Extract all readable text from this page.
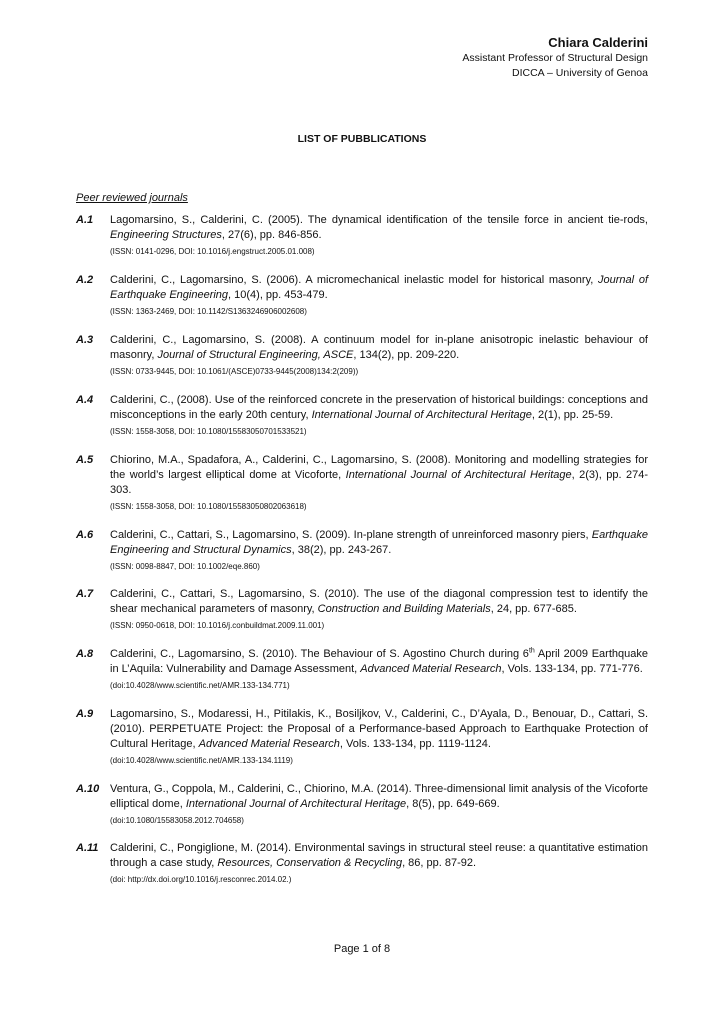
Chiara Calderini
Assistant Professor of Structural Design
DICCA – University of Genoa
LIST OF PUBBLICATIONS
Peer reviewed journals
A.1 Lagomarsino, S., Calderini, C. (2005). The dynamical identification of the tensile force in ancient tie-rods, Engineering Structures, 27(6), pp. 846-856.
(ISSN: 0141-0296, DOI: 10.1016/j.engstruct.2005.01.008)
A.2 Calderini, C., Lagomarsino, S. (2006). A micromechanical inelastic model for historical masonry, Journal of Earthquake Engineering, 10(4), pp. 453-479.
(ISSN: 1363-2469, DOI: 10.1142/S1363246906002608)
A.3 Calderini, C., Lagomarsino, S. (2008). A continuum model for in-plane anisotropic inelastic behaviour of masonry, Journal of Structural Engineering, ASCE, 134(2), pp. 209-220.
(ISSN: 0733-9445, DOI: 10.1061/(ASCE)0733-9445(2008)134:2(209))
A.4 Calderini, C., (2008). Use of the reinforced concrete in the preservation of historical buildings: conceptions and misconceptions in the early 20th century, International Journal of Architectural Heritage, 2(1), pp. 25-59.
(ISSN: 1558-3058, DOI: 10.1080/15583050701533521)
A.5 Chiorino, M.A., Spadafora, A., Calderini, C., Lagomarsino, S. (2008). Monitoring and modelling strategies for the world’s largest elliptical dome at Vicoforte, International Journal of Architectural Heritage, 2(3), pp. 274-303.
(ISSN: 1558-3058, DOI: 10.1080/15583050802063618)
A.6 Calderini, C., Cattari, S., Lagomarsino, S. (2009). In-plane strength of unreinforced masonry piers, Earthquake Engineering and Structural Dynamics, 38(2), pp. 243-267.
(ISSN: 0098-8847, DOI: 10.1002/eqe.860)
A.7 Calderini, C., Cattari, S., Lagomarsino, S. (2010). The use of the diagonal compression test to identify the shear mechanical parameters of masonry, Construction and Building Materials, 24, pp. 677-685.
(ISSN: 0950-0618, DOI: 10.1016/j.conbuildmat.2009.11.001)
A.8 Calderini, C., Lagomarsino, S. (2010). The Behaviour of S. Agostino Church during 6th April 2009 Earthquake in L’Aquila: Vulnerability and Damage Assessment, Advanced Material Research, Vols. 133-134, pp. 771-776.
(doi:10.4028/www.scientific.net/AMR.133-134.771)
A.9 Lagomarsino, S., Modaressi, H., Pitilakis, K., Bosiljkov, V., Calderini, C., D’Ayala, D., Benouar, D., Cattari, S. (2010). PERPETUATE Project: the Proposal of a Performance-based Approach to Earthquake Protection of Cultural Heritage, Advanced Material Research, Vols. 133-134, pp. 1119-1124.
(doi:10.4028/www.scientific.net/AMR.133-134.1119)
A.10 Ventura, G., Coppola, M., Calderini, C., Chiorino, M.A. (2014). Three-dimensional limit analysis of the Vicoforte elliptical dome, International Journal of Architectural Heritage, 8(5), pp. 649-669.
(doi:10.1080/15583058.2012.704658)
A.11 Calderini, C., Pongiglione, M. (2014). Environmental savings in structural steel reuse: a quantitative estimation through a case study, Resources, Conservation & Recycling, 86, pp. 87-92.
(doi: http://dx.doi.org/10.1016/j.resconrec.2014.02.)
Page 1 of 8
